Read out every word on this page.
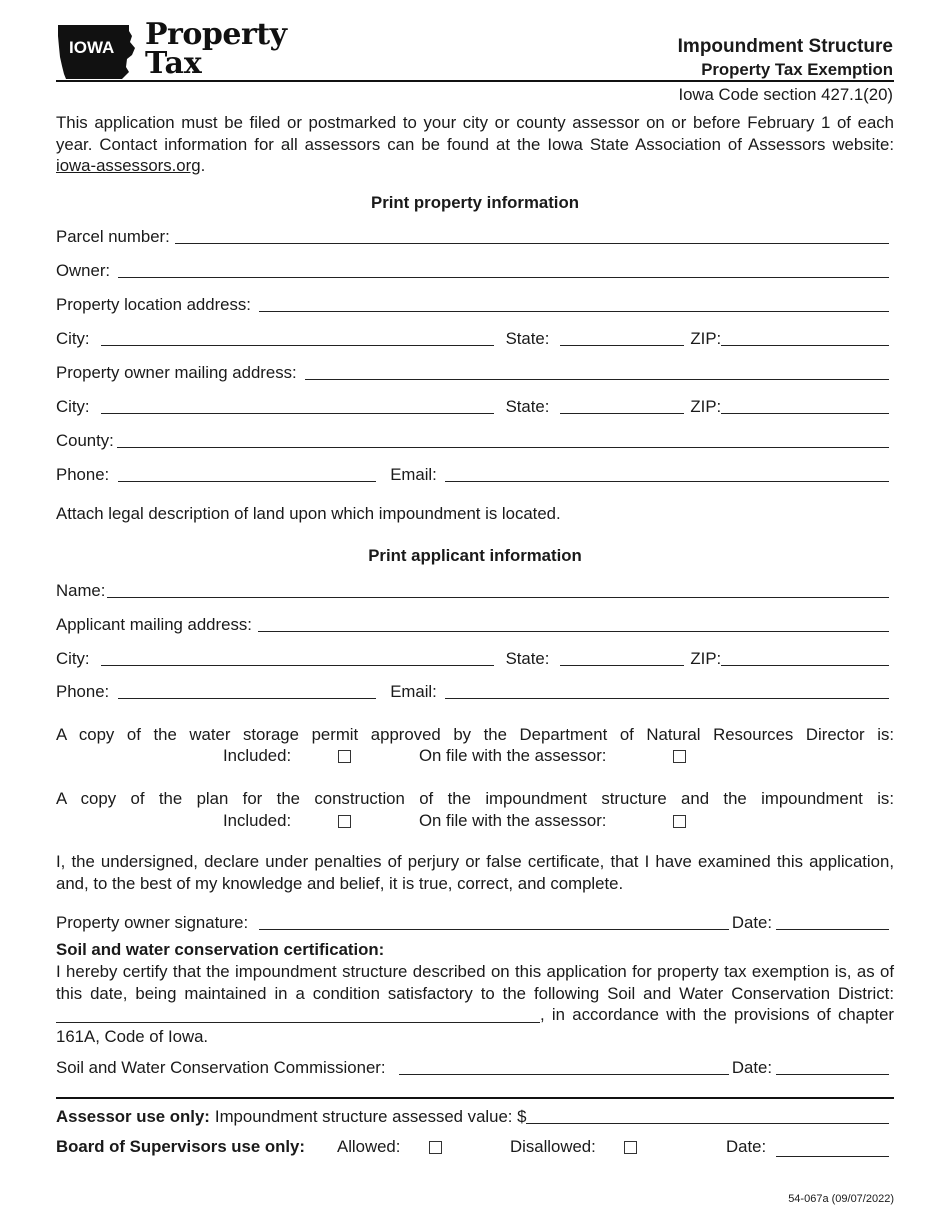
IOWA Property
Tax	Impoundment Structure
Property Tax Exemption
Iowa Code section 427.1(20)
This application must be filed or postmarked to your city or county assessor on or before February 1 of each year. Contact information for all assessors can be found at the Iowa State Association of Assessors website: iowa-assessors.org.
Print property information
Parcel number:
Owner:
Property location address:
City:	State:	ZIP:
Property owner mailing address:
City:	State:	ZIP:
County:
Phone:	Email:
Attach legal description of land upon which impoundment is located.
Print applicant information
Name:
Applicant mailing address:
City:	State:	ZIP:
Phone:	Email:
A copy of the water storage permit approved by the Department of Natural Resources Director is:
Included:	On file with the assessor:
A copy of the plan for the construction of the impoundment structure and the impoundment is:
Included:	On file with the assessor:
I, the undersigned, declare under penalties of perjury or false certificate, that I have examined this application, and, to the best of my knowledge and belief, it is true, correct, and complete.
Property owner signature:	Date:
Soil and water conservation certification:
I hereby certify that the impoundment structure described on this application for property tax exemption is, as of this date, being maintained in a condition satisfactory to the following Soil and Water Conservation District: , in accordance with the provisions of chapter 161A, Code of Iowa.
Soil and Water Conservation Commissioner:	Date:
Assessor use only: Impoundment structure assessed value: $
Board of Supervisors use only: Allowed:	Disallowed:	Date:
54-067a (09/07/2022)
